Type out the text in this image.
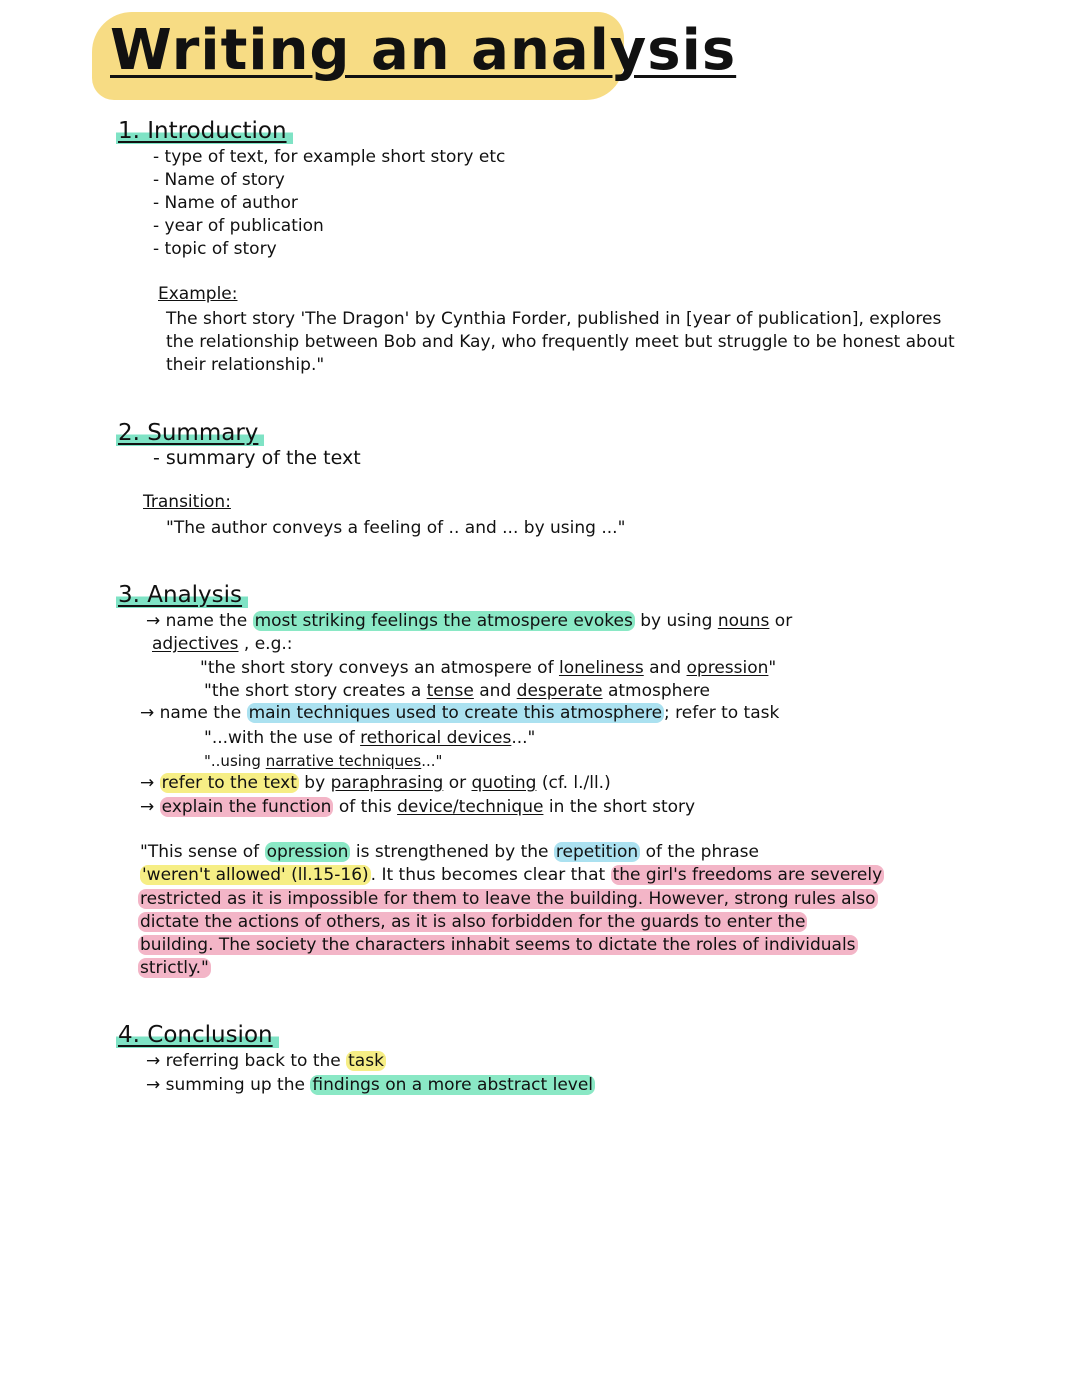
Writing an analysis
1. Introduction
- type of text, for example short story etc
- Name of story
- Name of author
- year of publication
- topic of story
Example:
The short story 'The Dragon' by Cynthia Forder, published in [year of publication], explores
the relationship between Bob and Kay, who frequently meet but struggle to be honest about
their relationship."
2. Summary
- summary of the text
Transition:
"The author conveys a feeling of .. and ... by using ..."
3. Analysis
→ name the most striking feelings the atmospere evokes by using nouns or
adjectives , e.g.:
"the short story conveys an atmospere of loneliness and opression"
"the short story creates a tense and desperate atmosphere
→ name the main techniques used to create this atmosphere ; refer to task
"...with the use of rethorical devices..."
"..using narrative techniques..."
→ refer to the text by paraphrasing or quoting (cf. l./ll.)
→ explain the function of this device/technique in the short story
"This sense of opression is strengthened by the repetition of the phrase
'weren't allowed' (ll.15-16) . It thus becomes clear that the girl's freedoms are severely
restricted as it is impossible for them to leave the building. However, strong rules also
dictate the actions of others, as it is also forbidden for the guards to enter the
building. The society the characters inhabit seems to dictate the roles of individuals
strictly."
4. Conclusion
→ referring back to the task
→ summing up the findings on a more abstract level
